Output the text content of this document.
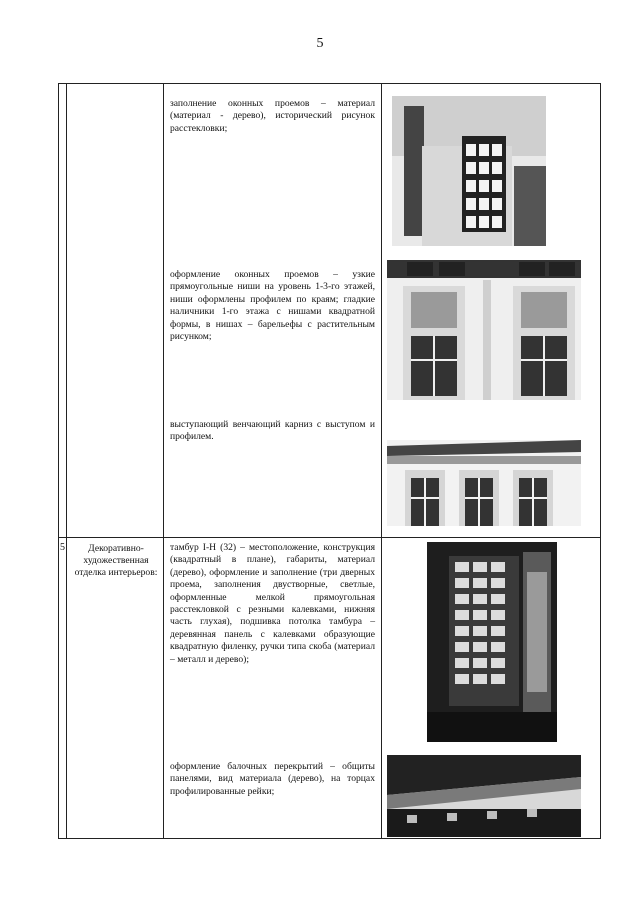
5
заполнение оконных проемов – материал (материал - дерево), исторический рисунок расстекловки;
оформление оконных проемов – узкие прямоугольные ниши на уровень 1-3-го этажей, ниши оформлены профилем по краям; гладкие наличники 1-го этажа с нишами квадратной формы, в нишах – барельефы с растительным рисунком;
выступающий венчающий карниз с выступом и профилем.
5	Декоративно-художественная отделка интерьеров:
тамбур I-Н (32) – местоположение, конструкция (квадратный в плане), габариты, материал (дерево), оформление и заполнение (три дверных проема, заполнения двустворные, светлые, оформленные мелкой прямоугольная расстекловкой с резными калевками, нижняя часть глухая), подшивка потолка тамбура – деревянная панель с калевками образующие квадратную филенку, ручки типа скоба (материал – металл и дерево);
оформление балочных перекрытий – общиты панелями, вид материала (дерево), на торцах профилированные рейки;
